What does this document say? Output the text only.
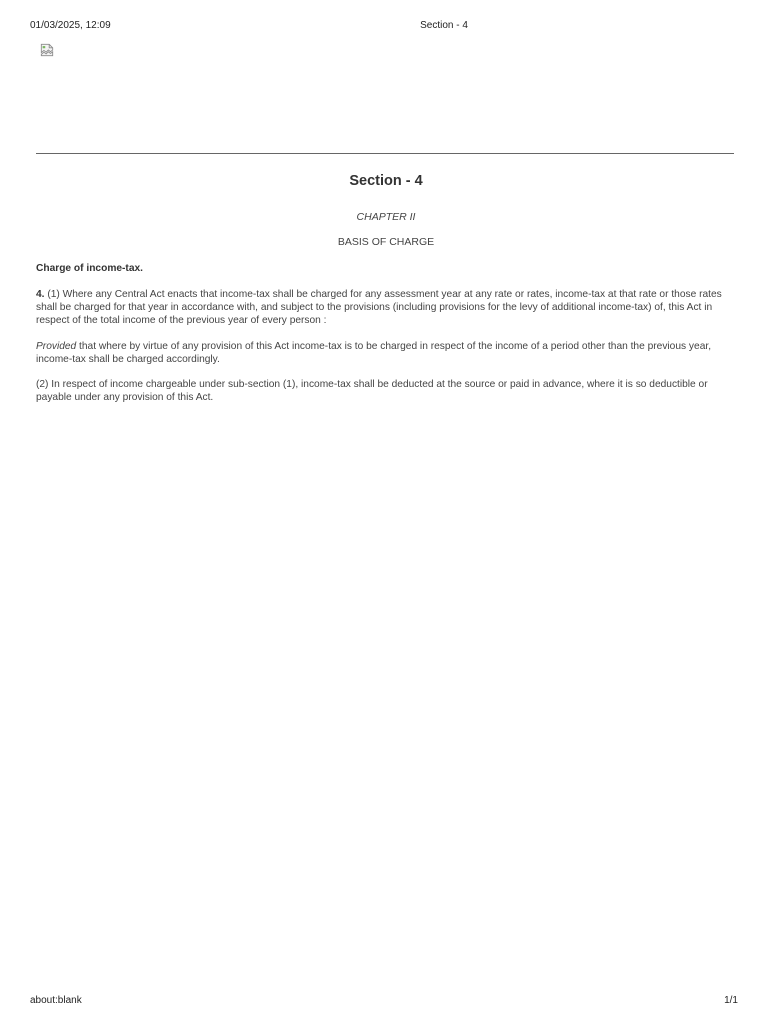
01/03/2025, 12:09	Section - 4
Section - 4
CHAPTER II
BASIS OF CHARGE
Charge of income-tax.

4. (1) Where any Central Act enacts that income-tax shall be charged for any assessment year at any rate or rates, income-tax at that rate or those rates shall be charged for that year in accordance with, and subject to the provisions (including provisions for the levy of additional income-tax) of, this Act in respect of the total income of the previous year of every person :

Provided that where by virtue of any provision of this Act income-tax is to be charged in respect of the income of a period other than the previous year, income-tax shall be charged accordingly.

(2) In respect of income chargeable under sub-section (1), income-tax shall be deducted at the source or paid in advance, where it is so deductible or payable under any provision of this Act.

about:blank	1/1
